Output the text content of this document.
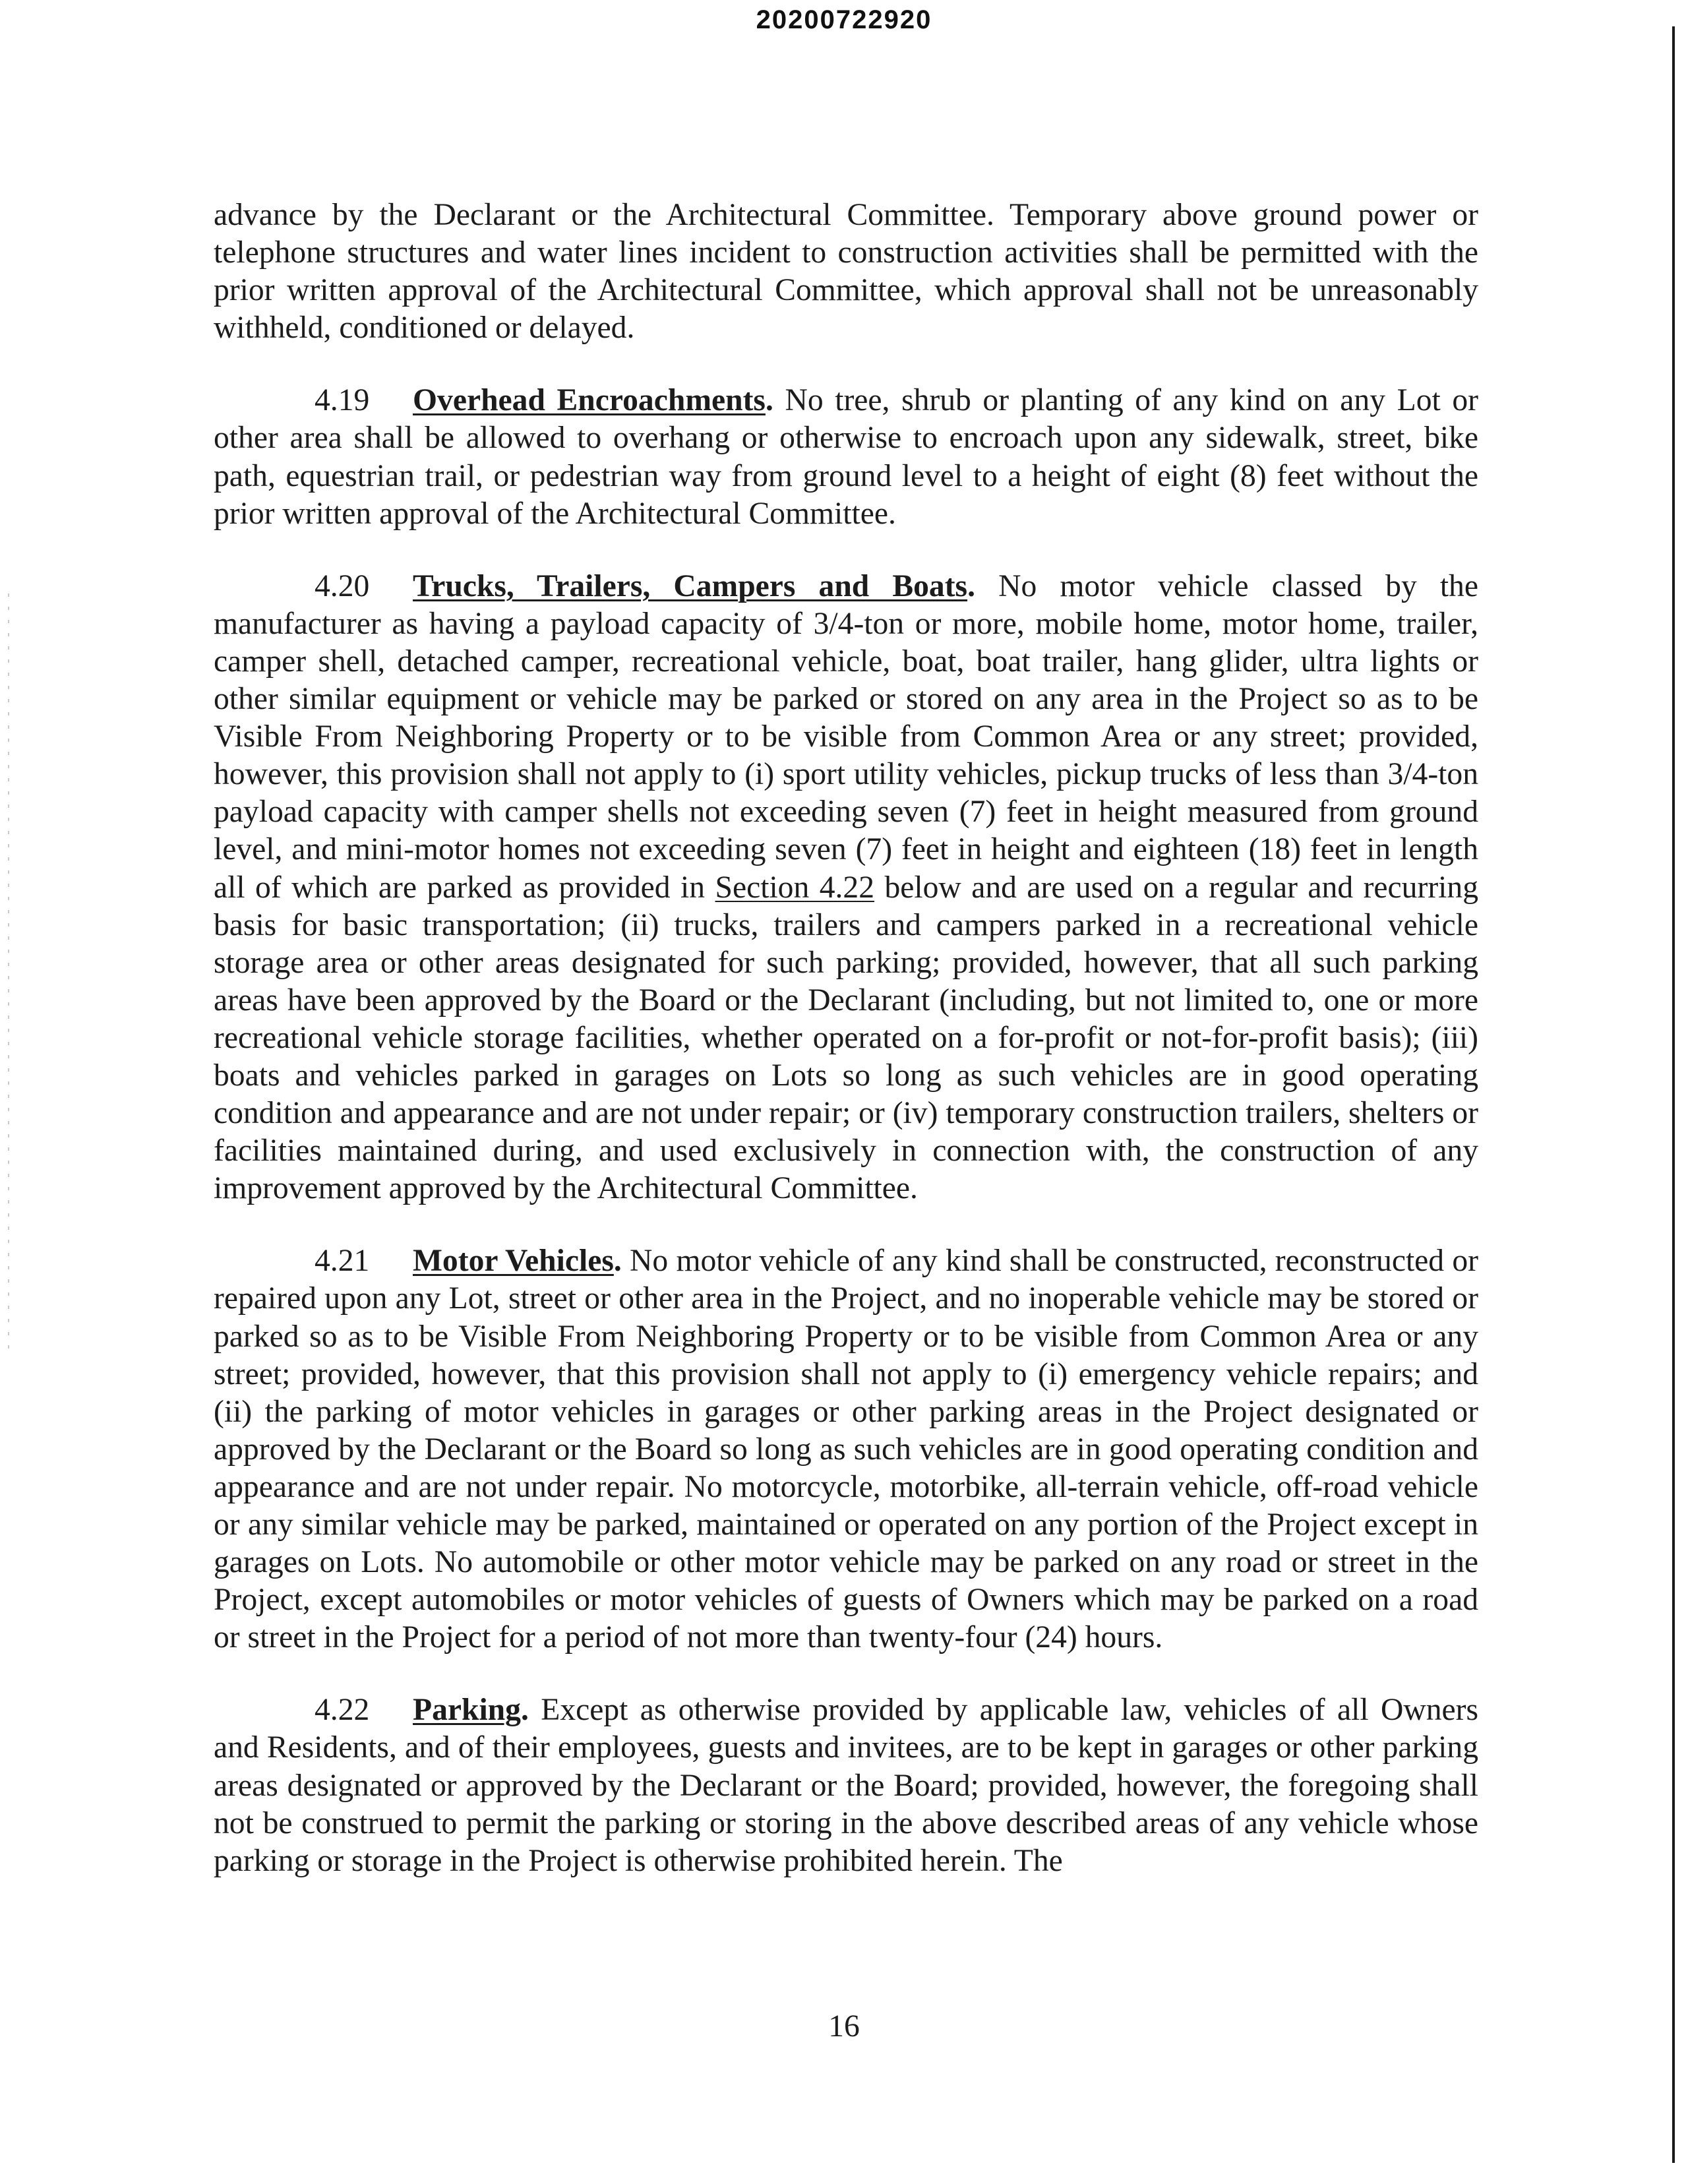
20200722920

advance by the Declarant or the Architectural Committee. Temporary above ground power or telephone structures and water lines incident to construction activities shall be permitted with the prior written approval of the Architectural Committee, which approval shall not be unreasonably withheld, conditioned or delayed.

4.19 Overhead Encroachments. No tree, shrub or planting of any kind on any Lot or other area shall be allowed to overhang or otherwise to encroach upon any sidewalk, street, bike path, equestrian trail, or pedestrian way from ground level to a height of eight (8) feet without the prior written approval of the Architectural Committee.

4.20 Trucks, Trailers, Campers and Boats. No motor vehicle classed by the manufacturer as having a payload capacity of 3/4-ton or more, mobile home, motor home, trailer, camper shell, detached camper, recreational vehicle, boat, boat trailer, hang glider, ultra lights or other similar equipment or vehicle may be parked or stored on any area in the Project so as to be Visible From Neighboring Property or to be visible from Common Area or any street; provided, however, this provision shall not apply to (i) sport utility vehicles, pickup trucks of less than 3/4-ton payload capacity with camper shells not exceeding seven (7) feet in height measured from ground level, and mini-motor homes not exceeding seven (7) feet in height and eighteen (18) feet in length all of which are parked as provided in Section 4.22 below and are used on a regular and recurring basis for basic transportation; (ii) trucks, trailers and campers parked in a recreational vehicle storage area or other areas designated for such parking; provided, however, that all such parking areas have been approved by the Board or the Declarant (including, but not limited to, one or more recreational vehicle storage facilities, whether operated on a for-profit or not-for-profit basis); (iii) boats and vehicles parked in garages on Lots so long as such vehicles are in good operating condition and appearance and are not under repair; or (iv) temporary construction trailers, shelters or facilities maintained during, and used exclusively in connection with, the construction of any improvement approved by the Architectural Committee.

4.21 Motor Vehicles. No motor vehicle of any kind shall be constructed, reconstructed or repaired upon any Lot, street or other area in the Project, and no inoperable vehicle may be stored or parked so as to be Visible From Neighboring Property or to be visible from Common Area or any street; provided, however, that this provision shall not apply to (i) emergency vehicle repairs; and (ii) the parking of motor vehicles in garages or other parking areas in the Project designated or approved by the Declarant or the Board so long as such vehicles are in good operating condition and appearance and are not under repair. No motorcycle, motorbike, all-terrain vehicle, off-road vehicle or any similar vehicle may be parked, maintained or operated on any portion of the Project except in garages on Lots. No automobile or other motor vehicle may be parked on any road or street in the Project, except automobiles or motor vehicles of guests of Owners which may be parked on a road or street in the Project for a period of not more than twenty-four (24) hours.

4.22 Parking. Except as otherwise provided by applicable law, vehicles of all Owners and Residents, and of their employees, guests and invitees, are to be kept in garages or other parking areas designated or approved by the Declarant or the Board; provided, however, the foregoing shall not be construed to permit the parking or storing in the above described areas of any vehicle whose parking or storage in the Project is otherwise prohibited herein. The

16
